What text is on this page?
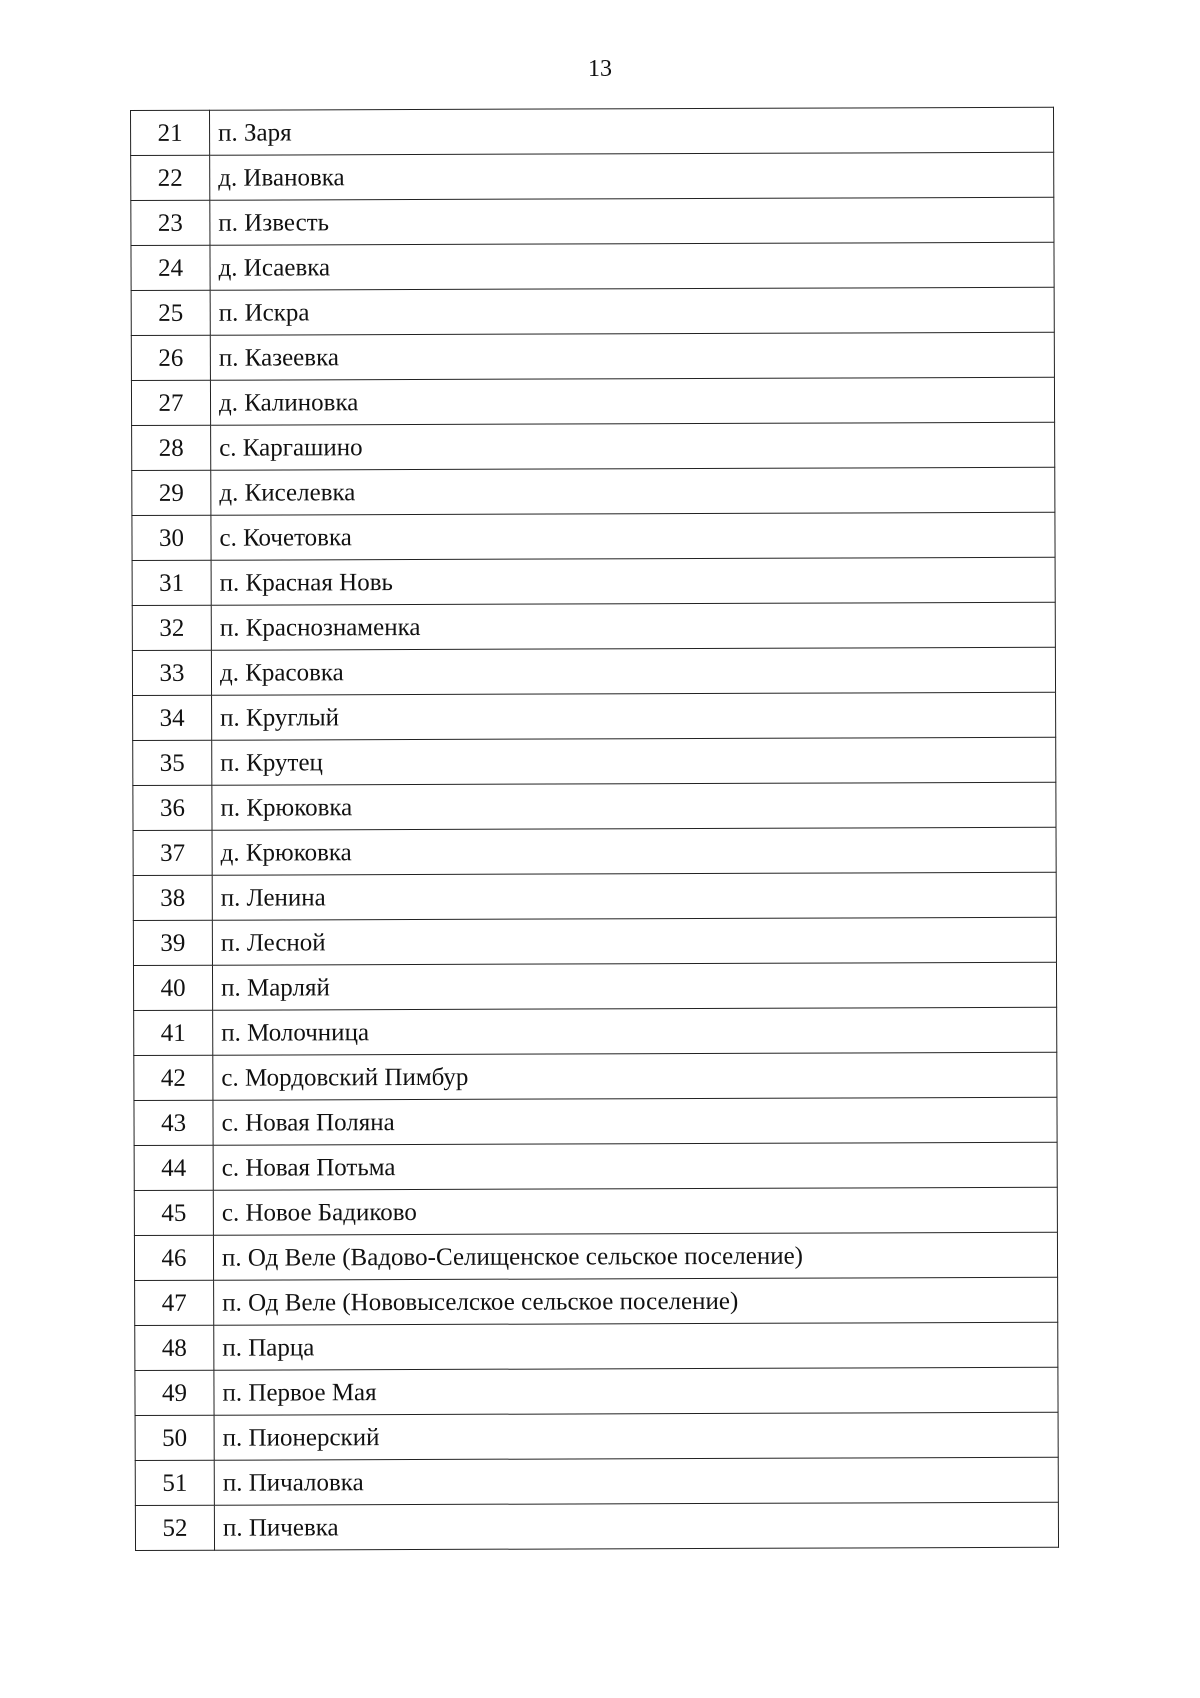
13
21	п. Заря
22	д. Ивановка
23	п. Известь
24	д. Исаевка
25	п. Искра
26	п. Казеевка
27	д. Калиновка
28	с. Каргашино
29	д. Киселевка
30	с. Кочетовка
31	п. Красная Новь
32	п. Краснознаменка
33	д. Красовка
34	п. Круглый
35	п. Крутец
36	п. Крюковка
37	д. Крюковка
38	п. Ленина
39	п. Лесной
40	п. Марляй
41	п. Молочница
42	с. Мордовский Пимбур
43	с. Новая Поляна
44	с. Новая Потьма
45	с. Новое Бадиково
46	п. Од Веле (Вадово-Селищенское сельское поселение)
47	п. Од Веле (Нововыселское сельское поселение)
48	п. Парца
49	п. Первое Мая
50	п. Пионерский
51	п. Пичаловка
52	п. Пичевка
